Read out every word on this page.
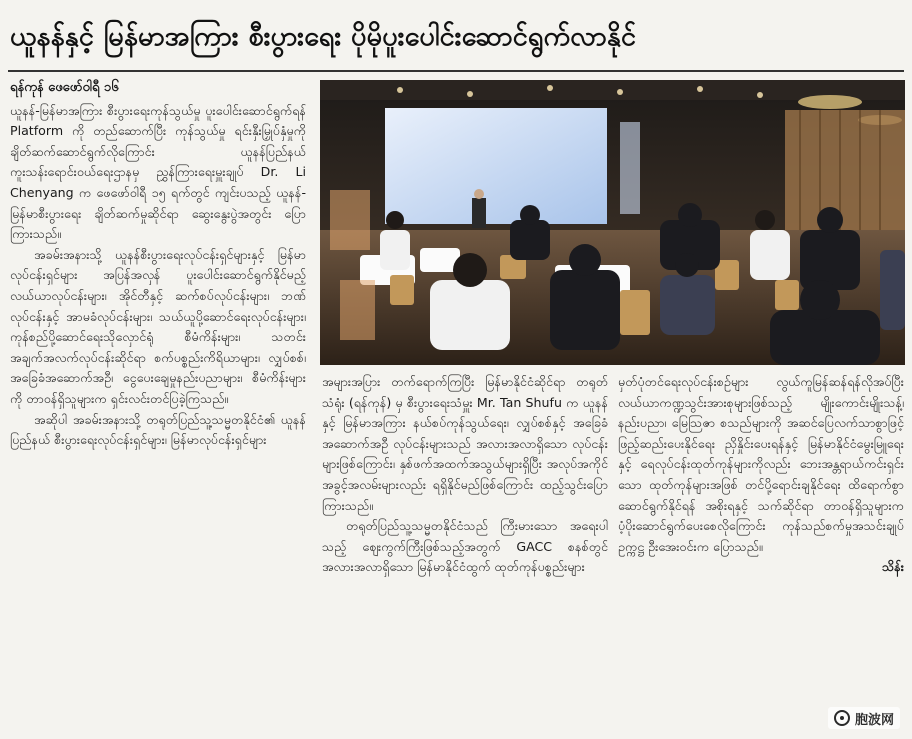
ယူနန်နှင့် မြန်မာအကြား စီးပွားရေး ပိုမိုပူးပေါင်းဆောင်ရွက်လာနိုင်

ရန်ကုန် ဖေဖော်ဝါရီ ၁၆

ယူနန်-မြန်မာအကြား စီးပွားရေးကုန်သွယ်မှု ပူးပေါင်းဆောင်ရွက်ရန် Platform ကို တည်ဆောက်ပြီး ကုန်သွယ်မှု ရင်းနှီးမြှုပ်နှံမှုကို ချိတ်ဆက်ဆောင်ရွက်လိုကြောင်း ယူနန်ပြည်နယ် ကူးသန်းရောင်းဝယ်ရေးဌာနမှ ညွှန်ကြားရေးမှူးချုပ် Dr. Li Chenyang က ဖေဖော်ဝါရီ ၁၅ ရက်တွင် ကျင်းပသည့် ယူနန်-မြန်မာစီးပွားရေး ချိတ်ဆက်မှုဆိုင်ရာ ဆွေးနွေးပွဲအတွင်း ပြောကြားသည်။

အခမ်းအနားသို့ ယူနန်စီးပွားရေးလုပ်ငန်းရှင်များနှင့် မြန်မာလုပ်ငန်းရှင်များ အပြန်အလှန် ပူးပေါင်းဆောင်ရွက်နိုင်မည့် လယ်ယာလုပ်ငန်းများ၊ အိုင်တီနှင့် ဆက်စပ်လုပ်ငန်းများ၊ ဘဏ်လုပ်ငန်းနှင့် အာမခံလုပ်ငန်းများ၊ သယ်ယူပို့ဆောင်ရေးလုပ်ငန်းများ၊ ကုန်စည်ပို့ဆောင်ရေးသိုလှောင်ရုံ စီမံကိန်းများ၊ သတင်းအချက်အလက်လုပ်ငန်းဆိုင်ရာ စက်ပစ္စည်းကိရိယာများ၊ လျှပ်စစ်၊ အခြေခံအဆောက်အဦ၊ ငွေပေးချေမှုနည်းပညာများ၊ စီမံကိန်းများကို တာဝန်ရှိသူများက ရှင်းလင်းတင်ပြခဲ့ကြသည်။

အဆိုပါ အခမ်းအနားသို့ တရုတ်ပြည်သူ့သမ္မတနိုင်ငံ၏ ယူနန်ပြည်နယ် စီးပွားရေးလုပ်ငန်းရှင်များ၊ မြန်မာလုပ်ငန်းရှင်များ

အများအပြား တက်ရောက်ကြပြီး မြန်မာနိုင်ငံဆိုင်ရာ တရုတ်သံရုံး (ရန်ကုန်) မှ စီးပွားရေးသံမှူး Mr. Tan Shufu က ယူနန်နှင့် မြန်မာအကြား နယ်စပ်ကုန်သွယ်ရေး၊ လျှပ်စစ်နှင့် အခြေခံအဆောက်အဦ လုပ်ငန်းများသည် အလားအလာရှိသော လုပ်ငန်းများဖြစ်ကြောင်း၊ နှစ်ဖက်အထက်အသွယ်များရှိပြီး အလုပ်အကိုင်အခွင့်အလမ်းများလည်း ရရှိနိုင်မည်ဖြစ်ကြောင်း ထည့်သွင်းပြောကြားသည်။

တရုတ်ပြည်သူ့သမ္မတနိုင်ငံသည် ကြီးမားသော အရေးပါသည့် ဈေးကွက်ကြီးဖြစ်သည့်အတွက် GACC စနစ်တွင် အလားအလာရှိသော မြန်မာနိုင်ငံထွက် ထုတ်ကုန်ပစ္စည်းများ

မှတ်ပုံတင်ရေးလုပ်ငန်းစဉ်များ လွယ်ကူမြန်ဆန်ရန်လိုအပ်ပြီး လယ်ယာကဏ္ဍသွင်းအားစုများဖြစ်သည့် မျိုးကောင်းမျိုးသန့်၊ နည်းပညာ၊ မြေဩဇာ စသည်များကို အဆင်ပြေလက်သာစွာဖြင့် ဖြည့်ဆည်းပေးနိုင်ရေး ညှိနှိုင်းပေးရန်နှင့် မြန်မာနိုင်ငံမွေးမြူရေးနှင့် ရေလုပ်ငန်းထုတ်ကုန်များကိုလည်း ဘေးအန္တရာယ်ကင်းရှင်းသော ထုတ်ကုန်များအဖြစ် တင်ပို့ရောင်းချနိုင်ရေး ထိရောက်စွာ ဆောင်ရွက်နိုင်ရန် အစိုးရနှင့် သက်ဆိုင်ရာ တာဝန်ရှိသူများက ပံ့ပိုးဆောင်ရွက်ပေးစေလိုကြောင်း ကုန်သည်စက်မှုအသင်းချုပ် ဥက္ကဋ္ဌ ဦးအေးဝင်းက ပြောသည်။

သိန်း

胞波网
